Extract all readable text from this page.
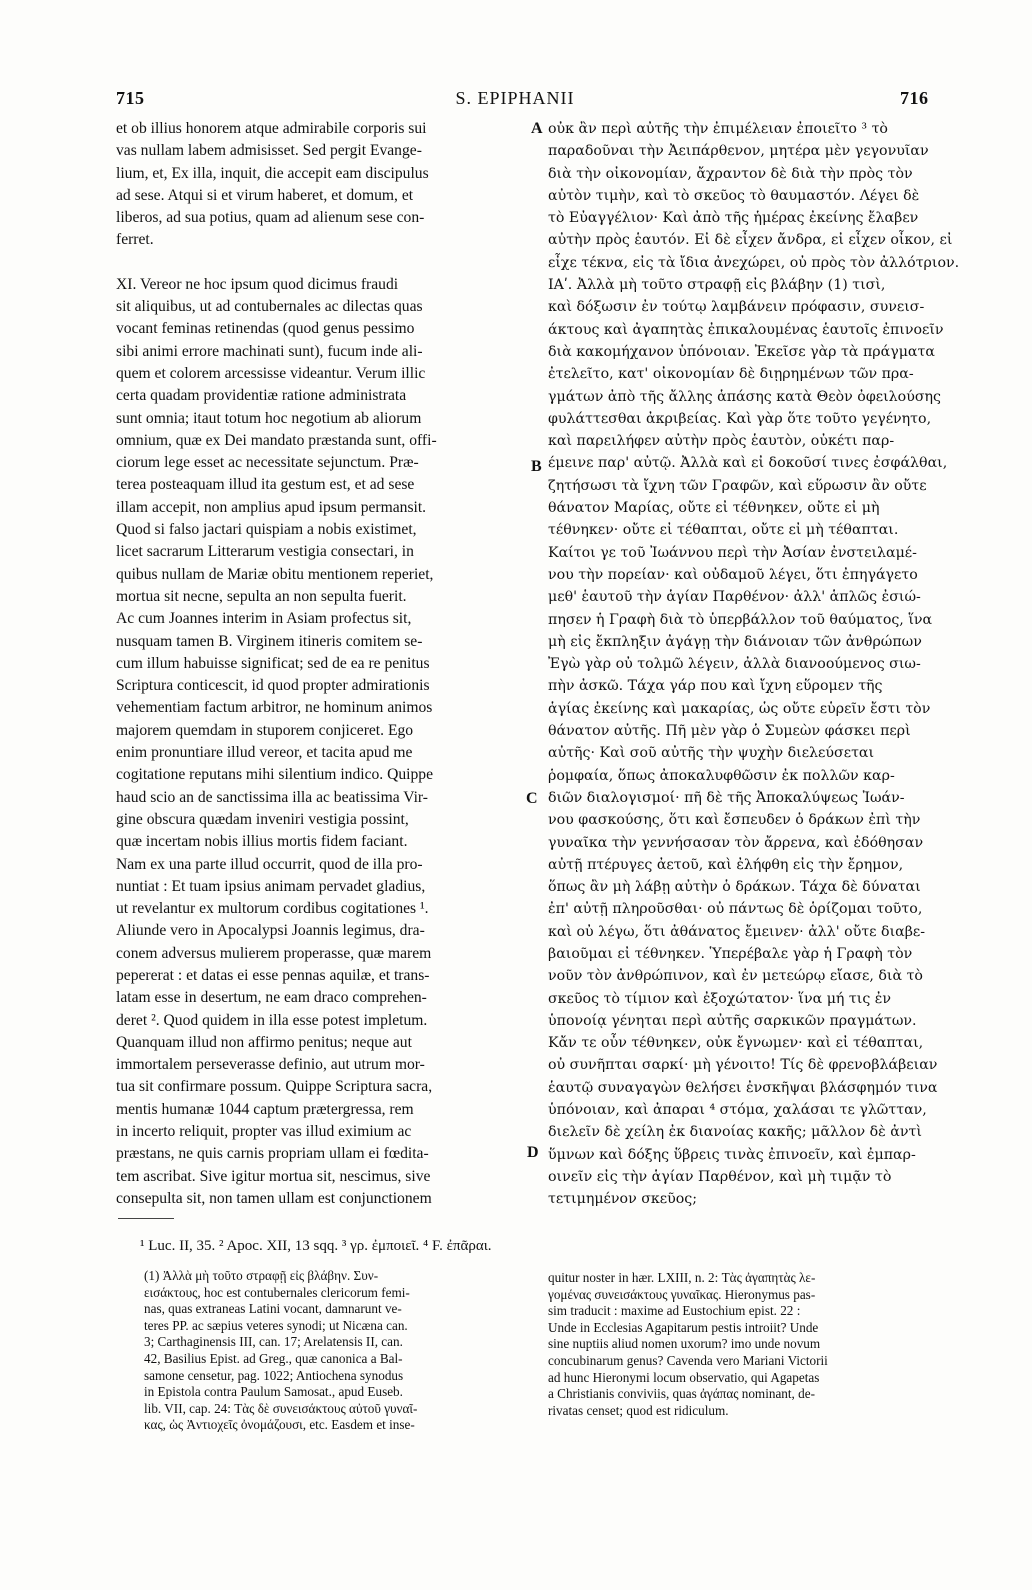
715	S. EPIPHANII	716
A
B
C
D

et ob illius honorem atque admirabile corporis sui

vas nullam labem admisisset. Sed pergit Evange-

lium, et, Ex illa, inquit, die accepit eam discipulus

ad sese. Atqui si et virum haberet, et domum, et

liberos, ad sua potius, quam ad alienum sese con-

ferret.

XI. Vereor ne hoc ipsum quod dicimus fraudi

sit aliquibus, ut ad contubernales ac dilectas quas

vocant feminas retinendas (quod genus pessimo

sibi animi errore machinati sunt), fucum inde ali-

quem et colorem arcessisse videantur. Verum illic

certa quadam providentiæ ratione administrata

sunt omnia; itaut totum hoc negotium ab aliorum

omnium, quæ ex Dei mandato præstanda sunt, offi-

ciorum lege esset ac necessitate sejunctum. Præ-

terea posteaquam illud ita gestum est, et ad sese

illam accepit, non amplius apud ipsum permansit.

Quod si falso jactari quispiam a nobis existimet,

licet sacrarum Litterarum vestigia consectari, in

quibus nullam de Mariæ obitu mentionem reperiet,

mortua sit necne, sepulta an non sepulta fuerit.

Ac cum Joannes interim in Asiam profectus sit,

nusquam tamen B. Virginem itineris comitem se-

cum illum habuisse significat; sed de ea re penitus

Scriptura conticescit, id quod propter admirationis

vehementiam factum arbitror, ne hominum animos

majorem quemdam in stuporem conjiceret. Ego

enim pronuntiare illud vereor, et tacita apud me

cogitatione reputans mihi silentium indico. Quippe

haud scio an de sanctissima illa ac beatissima Vir-

gine obscura quædam inveniri vestigia possint,

quæ incertam nobis illius mortis fidem faciant.

Nam ex una parte illud occurrit, quod de illa pro-

nuntiat : Et tuam ipsius animam pervadet gladius,

ut revelantur ex multorum cordibus cogitationes ¹.

Aliunde vero in Apocalypsi Joannis legimus, dra-

conem adversus mulierem properasse, quæ marem

pepererat : et datas ei esse pennas aquilæ, et trans-

latam esse in desertum, ne eam draco comprehen-

deret ². Quod quidem in illa esse potest impletum.

Quanquam illud non affirmo penitus; neque aut

immortalem perseverasse definio, aut utrum mor-

tua sit confirmare possum. Quippe Scriptura sacra,

mentis humanæ 1044 captum prætergressa, rem

in incerto reliquit, propter vas illud eximium ac

præstans, ne quis carnis propriam ullam ei fœdita-

tem ascribat. Sive igitur mortua sit, nescimus, sive

consepulta sit, non tamen ullam est conjunctionem

οὐκ ἂν περὶ αὐτῆς τὴν ἐπιμέλειαν ἐποιεῖτο ³ τὸ

παραδοῦναι τὴν Ἀειπάρθενον, μητέρα μὲν γεγονυῖαν

διὰ τὴν οἰκονομίαν, ἄχραντον δὲ διὰ τὴν πρὸς τὸν

αὐτὸν τιμὴν, καὶ τὸ σκεῦος τὸ θαυμαστόν. Λέγει δὲ

τὸ Εὐαγγέλιον· Καὶ ἀπὸ τῆς ἡμέρας ἐκείνης ἔλαβεν

αὐτὴν πρὸς ἑαυτόν. Εἰ δὲ εἶχεν ἄνδρα, εἰ εἶχεν οἶκον, εἰ

εἶχε τέκνα, εἰς τὰ ἴδια ἀνεχώρει, οὐ πρὸς τὸν ἀλλότριον.

ΙΑʹ. Ἀλλὰ μὴ τοῦτο στραφῇ εἰς βλάβην (1) τισὶ,

καὶ δόξωσιν ἐν τούτῳ λαμβάνειν πρόφασιν, συνεισ-

άκτους καὶ ἀγαπητὰς ἐπικαλουμένας ἑαυτοῖς ἐπινοεῖν

διὰ κακομήχανον ὑπόνοιαν. Ἐκεῖσε γὰρ τὰ πράγματα

ἐτελεῖτο, κατ' οἰκονομίαν δὲ διῃρημένων τῶν πρα-

γμάτων ἀπὸ τῆς ἄλλης ἁπάσης κατὰ Θεὸν ὀφειλούσης

φυλάττεσθαι ἀκριβείας. Καὶ γὰρ ὅτε τοῦτο γεγένητο,

καὶ παρειλήφεν αὐτὴν πρὸς ἑαυτὸν, οὐκέτι παρ-

έμεινε παρ' αὐτῷ. Ἀλλὰ καὶ εἰ δοκοῦσί τινες ἐσφάλθαι,

ζητήσωσι τὰ ἴχνη τῶν Γραφῶν, καὶ εὕρωσιν ἂν οὔτε

θάνατον Μαρίας, οὔτε εἰ τέθνηκεν, οὔτε εἰ μὴ

τέθνηκεν· οὔτε εἰ τέθαπται, οὔτε εἰ μὴ τέθαπται.

Καίτοι γε τοῦ Ἰωάννου περὶ τὴν Ἀσίαν ἐνστειλαμέ-

νου τὴν πορείαν· καὶ οὐδαμοῦ λέγει, ὅτι ἐπηγάγετο

μεθ' ἑαυτοῦ τὴν ἁγίαν Παρθένον· ἀλλ' ἁπλῶς ἐσιώ-

πησεν ἡ Γραφὴ διὰ τὸ ὑπερβάλλον τοῦ θαύματος, ἵνα

μὴ εἰς ἔκπληξιν ἀγάγῃ τὴν διάνοιαν τῶν ἀνθρώπων

Ἐγὼ γὰρ οὐ τολμῶ λέγειν, ἀλλὰ διανοούμενος σιω-

πὴν ἀσκῶ. Τάχα γάρ που καὶ ἴχνη εὕρομεν τῆς

ἁγίας ἐκείνης καὶ μακαρίας, ὡς οὔτε εὑρεῖν ἔστι τὸν

θάνατον αὐτῆς. Πῆ μὲν γὰρ ὁ Συμεὼν φάσκει περὶ

αὐτῆς· Καὶ σοῦ αὐτῆς τὴν ψυχὴν διελεύσεται

ῥομφαία, ὅπως ἀποκαλυφθῶσιν ἐκ πολλῶν καρ-

διῶν διαλογισμοί· πῆ δὲ τῆς Ἀποκαλύψεως Ἰωάν-

νου φασκούσης, ὅτι καὶ ἔσπευδεν ὁ δράκων ἐπὶ τὴν

γυναῖκα τὴν γεννήσασαν τὸν ἄρρενα, καὶ ἐδόθησαν

αὐτῇ πτέρυγες ἀετοῦ, καὶ ἐλήφθη εἰς τὴν ἔρημον,

ὅπως ἂν μὴ λάβῃ αὐτὴν ὁ δράκων. Τάχα δὲ δύναται

ἐπ' αὐτῇ πληροῦσθαι· οὐ πάντως δὲ ὁρίζομαι τοῦτο,

καὶ οὐ λέγω, ὅτι ἀθάνατος ἔμεινεν· ἀλλ' οὔτε διαβε-

βαιοῦμαι εἰ τέθνηκεν. Ὑπερέβαλε γὰρ ἡ Γραφὴ τὸν

νοῦν τὸν ἀνθρώπινον, καὶ ἐν μετεώρῳ εἴασε, διὰ τὸ

σκεῦος τὸ τίμιον καὶ ἐξοχώτατον· ἵνα μή τις ἐν

ὑπονοίᾳ γένηται περὶ αὐτῆς σαρκικῶν πραγμάτων.

Κἄν τε οὖν τέθνηκεν, οὐκ ἔγνωμεν· καὶ εἰ τέθαπται,

οὐ συνῆπται σαρκί· μὴ γένοιτο! Τίς δὲ φρενοβλάβειαν

ἑαυτῷ συναγαγὼν θελήσει ἐνσκῆψαι βλάσφημόν τινα

ὑπόνοιαν, καὶ ἀπαραι ⁴ στόμα, χαλάσαι τε γλῶτταν,

διελεῖν δὲ χείλη ἐκ διανοίας κακῆς; μᾶλλον δὲ ἀντὶ

ὕμνων καὶ δόξης ὕβρεις τινὰς ἐπινοεῖν, καὶ ἐμπαρ-

οινεῖν εἰς τὴν ἁγίαν Παρθένον, καὶ μὴ τιμᾷν τὸ

τετιμημένον σκεῦος;

¹ Luc. II, 35. ² Apoc. XII, 13 sqq. ³ γρ. ἐμποιεῖ. ⁴ F. ἐπᾶραι.

(1) Ἀλλὰ μὴ τοῦτο στραφῇ εἰς βλάβην. Συν-

εισάκτους, hoc est contubernales clericorum femi-

nas, quas extraneas Latini vocant, damnarunt ve-

teres PP. ac sæpius veteres synodi; ut Nicæna can.

3; Carthaginensis III, can. 17; Arelatensis II, can.

42, Basilius Epist. ad Greg., quæ canonica a Bal-

samone censetur, pag. 1022; Antiochena synodus

in Epistola contra Paulum Samosat., apud Euseb.

lib. VII, cap. 24: Τὰς δὲ συνεισάκτους αὐτοῦ γυναῖ-

κας, ὡς Ἀντιοχεῖς ὀνομάζουσι, etc. Easdem et inse-

quitur noster in hær. LXIII, n. 2: Τὰς ἀγαπητὰς λε-

γομένας συνεισάκτους γυναῖκας. Hieronymus pas-

sim traducit : maxime ad Eustochium epist. 22 :

Unde in Ecclesias Agapitarum pestis introiit? Unde

sine nuptiis aliud nomen uxorum? imo unde novum

concubinarum genus? Cavenda vero Mariani Victorii

ad hunc Hieronymi locum observatio, qui Agapetas

a Christianis conviviis, quas ἀγάπας nominant, de-

rivatas censet; quod est ridiculum.
